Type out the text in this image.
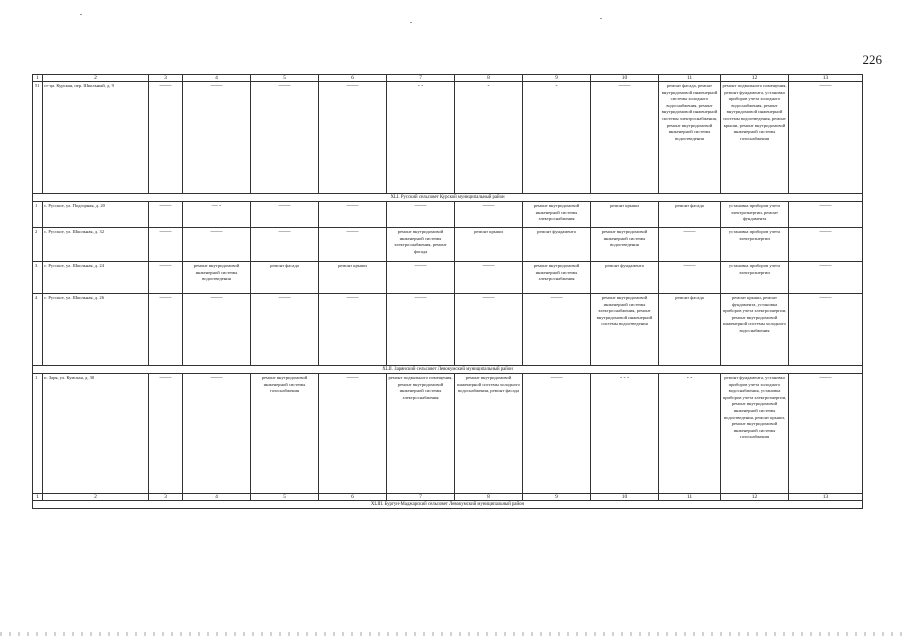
226
1	2	3	4	5	6	7	8	9	10	11	12	13
51	ст-ца. Курская, пер. Школьный, д. 9	——	——	——	——	- -	-	-	——	ремонт фасада, ремонт внутридомовой инженерной системы холодного водоснабжения, ремонт внутридомовой инженерной системы электроснабжения, ремонт внутридомовой инженерной системы водоотведения	ремонт подвального помещения, ремонт фундамента, установка приборов учета холодного водоснабжения, ремонт внутридомовой инженерной системы водоотведения, ремонт крыши, ремонт внутридомовой инженерной системы газоснабжения	——
XLI. Русский сельсовет Курской муниципальный район												
1	с. Русское, ул. Подгорная, д. 20	——	— -	——	——	——	——	ремонт внутридомовой инженерной системы электроснабжения	ремонт крыши	ремонт фасада	установка приборов учета электроэнергии, ремонт фундамента	——
2	с. Русское, ул. Школьная, д. 32	——	——	——	——	ремонт внутридомовой инженерной системы электроснабжения, ремонт фасада	ремонт крыши	ремонт фундамента	ремонт внутридомовой инженерной системы водоотведения	——	установка приборов учета электроэнергии	——
3	с. Русское, ул. Школьная, д. 24	——	ремонт внутридомовой инженерной системы водоотведения	ремонт фасада	ремонт крыши	——	——	ремонт внутридомовой инженерной системы электроснабжения	ремонт фундамента	——	установка приборов учета электроэнергии	——
4	с. Русское, ул. Школьная, д. 26	——	——	——	——	——	——	——	ремонт внутридомовой инженерной системы электроснабжения, ремонт внутридомовой инженерной системы водоотведения	ремонт фасада	ремонт крыши, ремонт фундамента, установка приборов учета электроэнергии, ремонт внутридомовой инженерной системы холодного водоснабжения	——
XLII. Зарянский сельсовет Левокумский муниципальный район												
1	п. Заря, ул. Кумская, д. 30	——	——	ремонт внутридомовой инженерной системы газоснабжения	——	ремонт подвального помещения, ремонт внутридомовой инженерной системы электроснабжения	ремонт внутридомовой инженерной системы холодного водоснабжения, ремонт фасада	——	- - -	- -	ремонт фундамента, установка приборов учета холодного водоснабжения, установка приборов учета электроэнергии, ремонт внутридомовой инженерной системы водоотведения, ремонт крыши, ремонт внутридомовой инженерной системы газоснабжения	——
1	2	3	4	5	6	7	8	9	10	11	12	13
XLIII. Бургун-Маджарский сельсовет Левокумский муниципальный район												
